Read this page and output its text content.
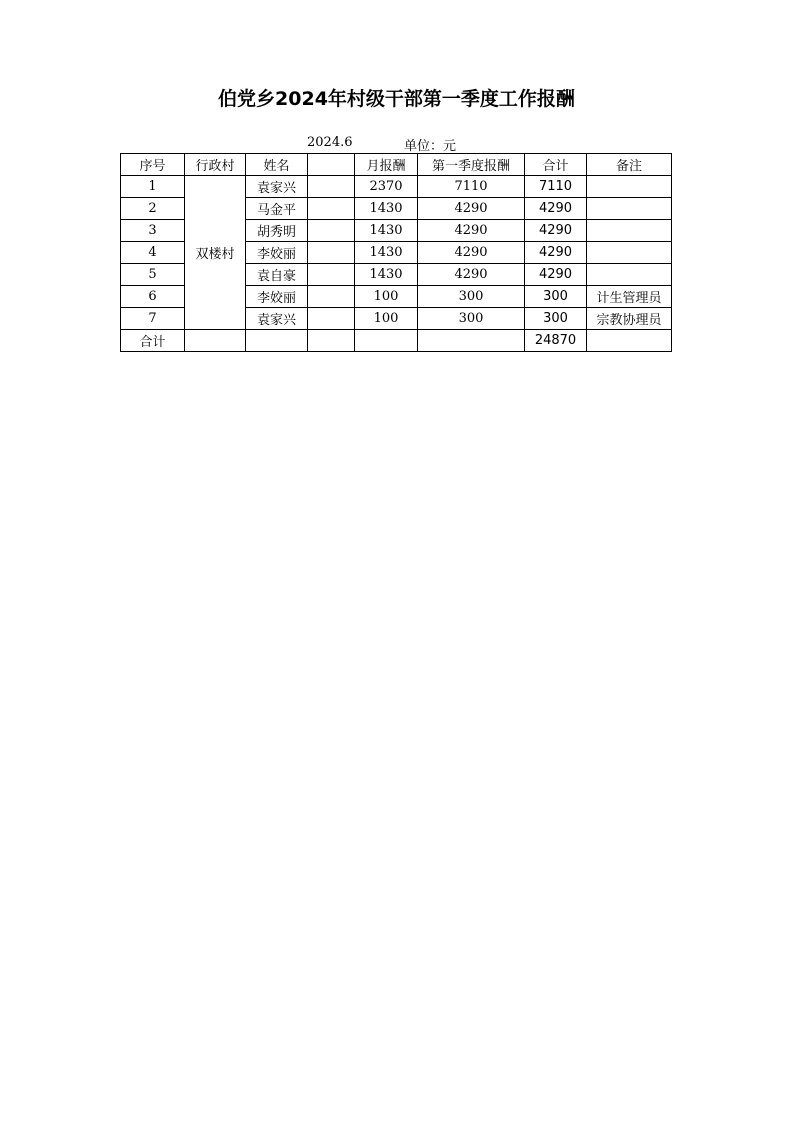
伯党乡2024年村级干部第一季度工作报酬
2024.6	单位：元
序号	行政村	姓名		月报酬	第一季度报酬	合计	备注
1	双楼村	袁家兴		2370	7110	7110	
2		马金平		1430	4290	4290	
3		胡秀明		1430	4290	4290	
4		李姣丽		1430	4290	4290	
5		袁自豪		1430	4290	4290	
6		李姣丽		100	300	300	计生管理员
7		袁家兴		100	300	300	宗教协理员
合计						24870	
